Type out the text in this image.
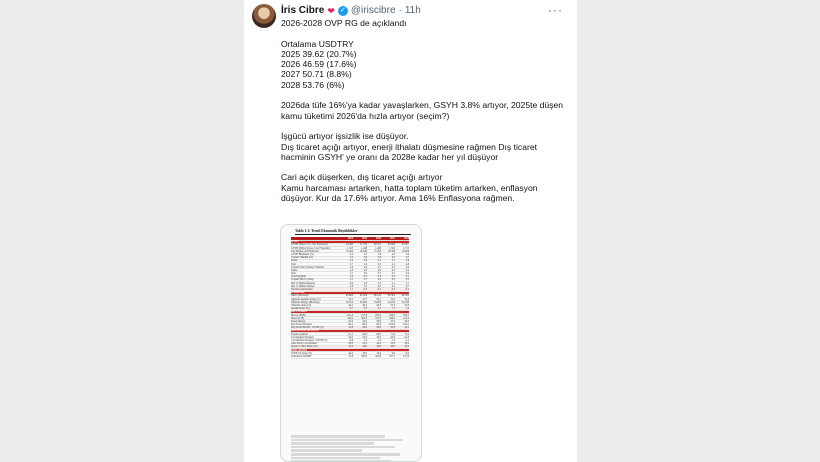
İris Cibre ❤ ✓ @iriscibre · 11h	···
2026-2028 OVP RG de açıklandı
Ortalama USDTRY
2025 39.62 (20.7%)
2026 46.59 (17.6%)
2027 50.71 (8.8%)
2028 53.76 (6%)
2026da tüfe 16%'ya kadar yavaşlarken, GSYH 3.8% artıyor, 2025te düşen
kamu tüketimi 2026'da hızla artıyor (seçim?)
İşgücü artıyor işsizlik ise düşüyor.
Dış ticaret açığı artıyor, enerji ithalatı düşmesine rağmen Dış ticaret
hacminin GSYH' ye oranı da 2028e kadar her yıl düşüyor
Cari açık düşerken, dış ticaret açığı artıyor
Kamu harcaması artarken, hatta toplam tüketim artarken, enflasyon
düşüyor. Kur da 17.6% artıyor. Ama 16% Enflasyona rağmen.
Tablo 1.1: Temel Ekonomik Büyüklükler
2024	2025	2026	2027	2028
GSYH
GSYH (Milyar TL, Cari Fiyatlarla)	44.090	57.379	69.321	80.866	92.207
GSYH (Milyar Dolar, Cari Fiyatlarla)	1.323	1.448	1.488	1.595	1.715
Kişi Başına GSYH (Dolar)	15.463	16.849	17.208	18.338	19.606
GSYH Büyümesi (%)	3,3	3,3	3,8	4,3	5,0
Toplam Tüketim (%)	3,5	2,6	3,6	4,0	4,5
Kamu	3,9	0,8	5,2	3,1	2,8
Özel	3,7	2,9	3,2	4,1	4,8
Toplam Sabit Sermaye Yatırımı	2,0	3,6	3,7	6,3	5,9
Kamu	-1,8	2,0	4,0	4,3	4,2
Özel	2,7	3,9	3,7	6,7	6,2
Stok Değişimi	-1,9	-0,5	0,4	0,5	0,5
Toplam Yurt İçi Talep	1,3	2,7	4,0	4,5	5,0
Mal ve Hizmet İhracatı	0,6	2,8	3,3	5,1	5,7
Mal ve Hizmet İthalatı	-3,8	5,2	4,0	6,1	6,7
Net İhracatın Katkısı	1,1	-0,5	-0,2	-0,3	-0,3
İSTİHDAM
Nüfus (Bin Kişi)	85.664	85.919	86.140	86.361	86.582
İşgücüne Katılma Oranı (%)	53,3	53,7	54,1	54,5	54,8
İstihdam Düzeyi (Bin Kişi)	32.614	33.090	33.658	34.233	34.788
İstihdam Oranı (%)	49,5	49,4	49,8	50,3	50,8
İşsizlik Oranı (%)	8,7	8,5	8,1	7,7	7,4
DIŞ TİCARET
İhracat (FOB)	261,8	273,8	282,0	296,0	308,5
İthalat (CIF)	344,0	362,8	375,0	396,0	415,0
Enerji İthalatı	65,6	59,0	58,0	57,0	56,0
Dış Ticaret Dengesi	-82,2	-89,0	-93,0	-100,0	-106,5
Dış Ticaret Hacmi / GSYH (%)	45,8	44,0	43,9	43,4	42,2
ÖDEMELER DENGESİ
Turizm Gelirleri	61,1	64,0	68,0	71,0	75,0
Cari İşlemler Dengesi	-10,0	-20,0	-19,5	-20,0	-21,0
Cari İşlemler Dengesi / GSYH (%)	-0,8	-1,4	-1,3	-1,3	-1,2
Altın Hariç Cari İşlemler	28,0	22,0	24,0	25,0	26,0
Enerji ve Altın Hariç Cari	50,0	44,0	46,0	48,0	50,0
ENFLASYON
TÜFE Yıl Sonu (%)	44,4	28,5	16,0	9,0	8,0
Ortalama USDTRY	32,8	39,62	46,59	50,71	53,76
